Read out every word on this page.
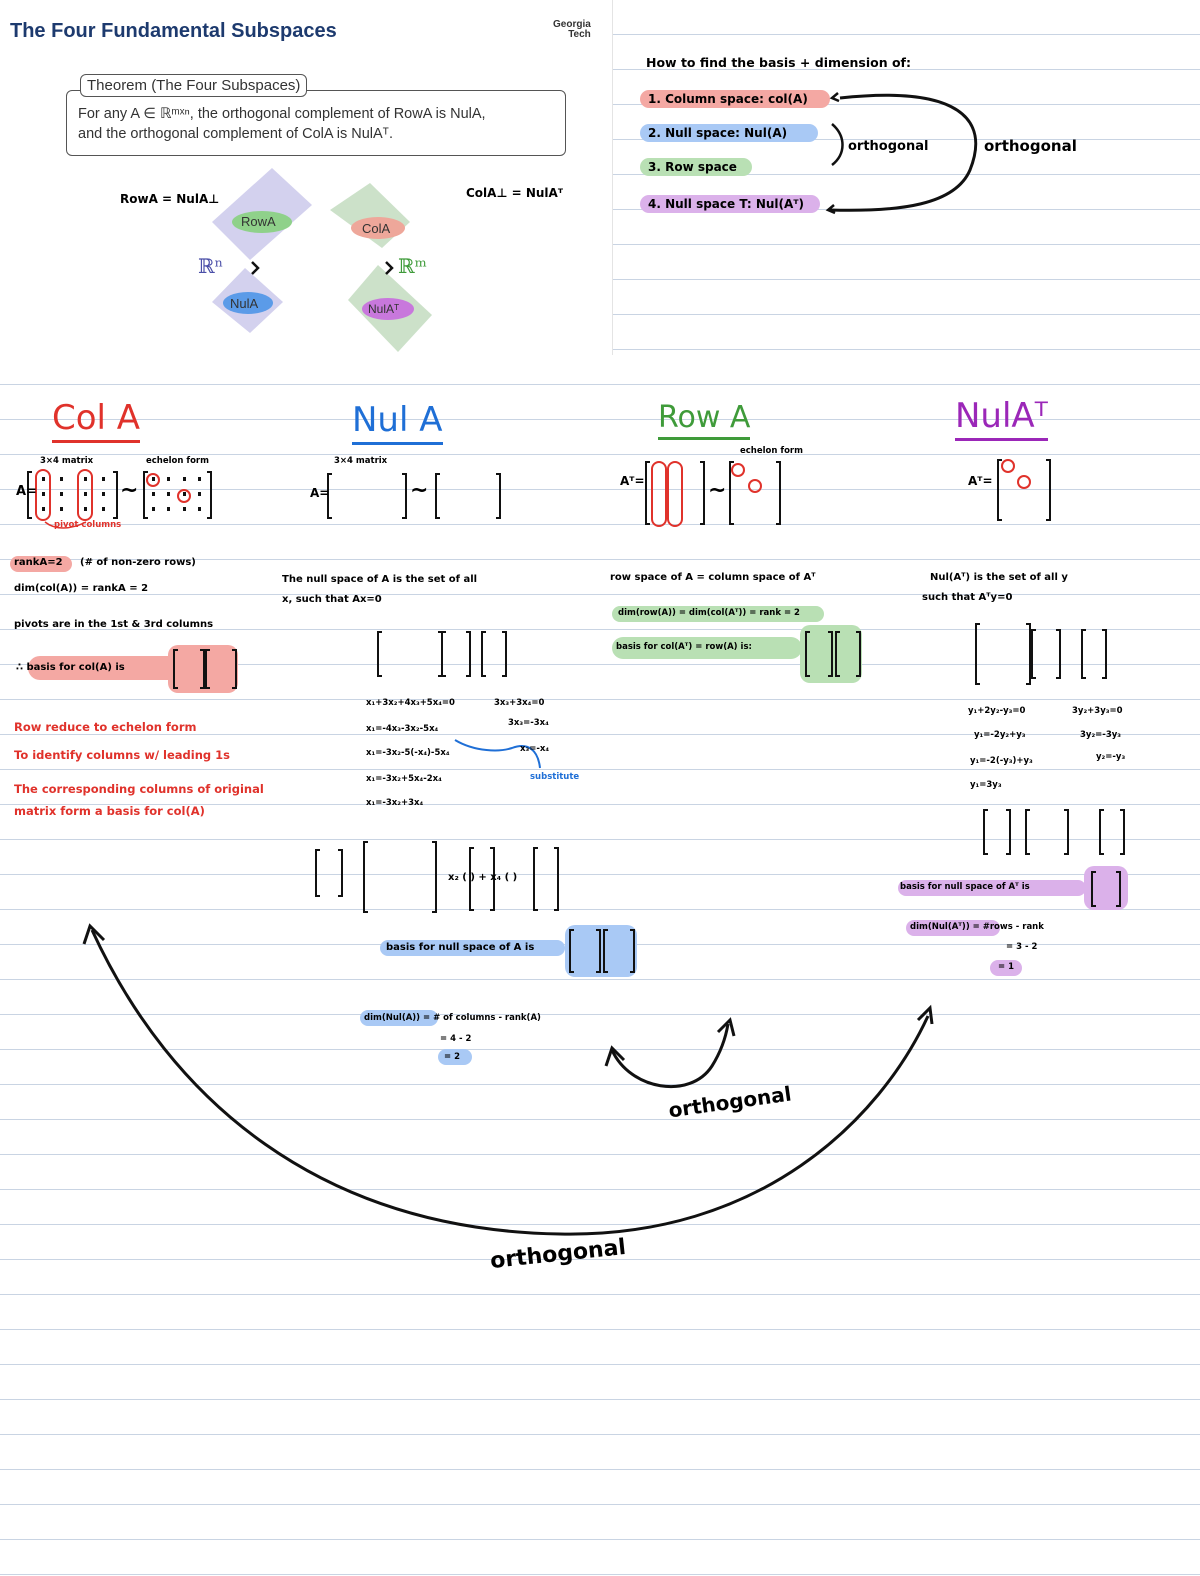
The Four Fundamental Subspaces	Georgia
Tech
Theorem (The Four Subspaces)
For any A ∈ ℝᵐˣⁿ, the orthogonal complement of RowA is NulA,
and the orthogonal complement of ColA is NulAᵀ.
RowA = NulA⊥	ColA⊥ = NulAᵀ
RowA
NulA
ColA
NulAᵀ
ℝⁿ	ℝᵐ
How to find the basis + dimension of:
1. Column space: col(A)
2. Null space: Nul(A)
3. Row space
4. Null space T: Nul(Aᵀ)
orthogonal	orthogonal
Col A	Nul A	Row A	NulAᵀ
3×4 matrix	echelon form
A=	~
pivot columns
rankA=2 (# of non-zero rows)
dim(col(A)) = rankA = 2
pivots are in the 1st & 3rd columns
∴ basis for col(A) is
Row reduce to echelon form
To identify columns w/ leading 1s
The corresponding columns of original
matrix form a basis for col(A)
3×4 matrix
A=	~
The null space of A is the set of all
x, such that Ax=0
x₁+3x₂+4x₃+5x₄=0	3x₃+3x₄=0
x₁=-4x₃-3x₂-5x₄
3x₃=-3x₄
x₁=-3x₂-5(-x₄)-5x₄	x₃=-x₄
x₁=-3x₂+5x₄-2x₄	substitute
x₁=-3x₂+3x₄
x₂ ( ) + x₄ ( )
basis for null space of A is
dim(Nul(A)) = # of columns - rank(A)
= 4 - 2
= 2
echelon form
Aᵀ=	~
row space of A = column space of Aᵀ
dim(row(A)) = dim(col(Aᵀ)) = rank = 2
basis for col(Aᵀ) = row(A) is:
Aᵀ=
Nul(Aᵀ) is the set of all y
such that Aᵀy=0
y₁+2y₂-y₃=0	3y₂+3y₃=0
y₁=-2y₂+y₃	3y₂=-3y₃
y₁=-2(-y₃)+y₃	y₂=-y₃
y₁=3y₃
basis for null space of Aᵀ is
dim(Nul(Aᵀ)) = #rows - rank
= 3 - 2
= 1
orthogonal
orthogonal
